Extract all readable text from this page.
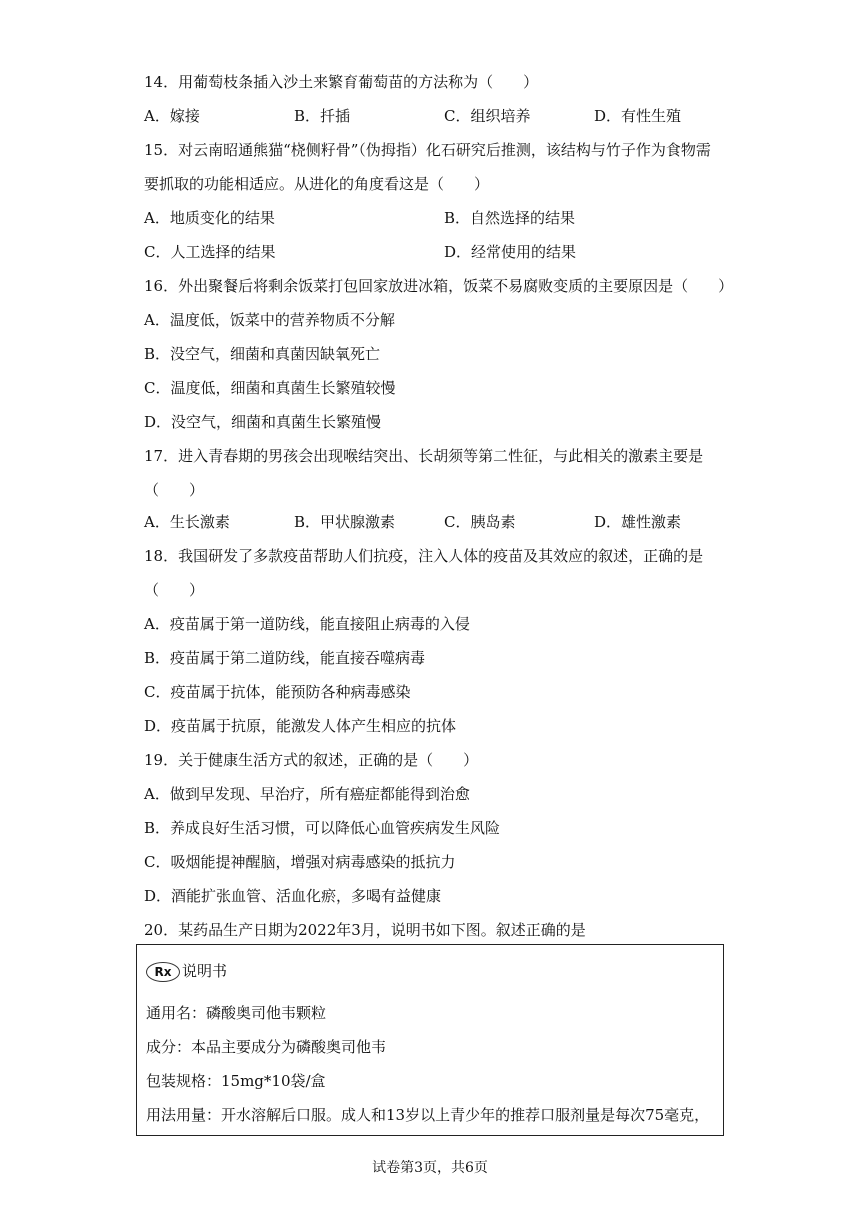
14．用葡萄枝条插入沙土来繁育葡萄苗的方法称为（　　）
A．嫁接	B．扦插	C．组织培养	D．有性生殖
15．对云南昭通熊猫“桡侧籽骨”（伪拇指）化石研究后推测，该结构与竹子作为食物需
要抓取的功能相适应。从进化的角度看这是（　　）
A．地质变化的结果	B．自然选择的结果
C．人工选择的结果	D．经常使用的结果
16．外出聚餐后将剩余饭菜打包回家放进冰箱，饭菜不易腐败变质的主要原因是（　　）
A．温度低，饭菜中的营养物质不分解
B．没空气，细菌和真菌因缺氧死亡
C．温度低，细菌和真菌生长繁殖较慢
D．没空气，细菌和真菌生长繁殖慢
17．进入青春期的男孩会出现喉结突出、长胡须等第二性征，与此相关的激素主要是
（　　）
A．生长激素	B．甲状腺激素	C．胰岛素	D．雄性激素
18．我国研发了多款疫苗帮助人们抗疫，注入人体的疫苗及其效应的叙述，正确的是
（　　）
A．疫苗属于第一道防线，能直接阻止病毒的入侵
B．疫苗属于第二道防线，能直接吞噬病毒
C．疫苗属于抗体，能预防各种病毒感染
D．疫苗属于抗原，能激发人体产生相应的抗体
19．关于健康生活方式的叙述，正确的是（　　）
A．做到早发现、早治疗，所有癌症都能得到治愈
B．养成良好生活习惯，可以降低心血管疾病发生风险
C．吸烟能提神醒脑，增强对病毒感染的抵抗力
D．酒能扩张血管、活血化瘀，多喝有益健康
20．某药品生产日期为2022年3月，说明书如下图。叙述正确的是
Rx 说明书
通用名：磷酸奥司他韦颗粒
成分：本品主要成分为磷酸奥司他韦
包装规格：15mg*10袋/盒
用法用量：开水溶解后口服。成人和13岁以上青少年的推荐口服剂量是每次75毫克，
试卷第3页，共6页
